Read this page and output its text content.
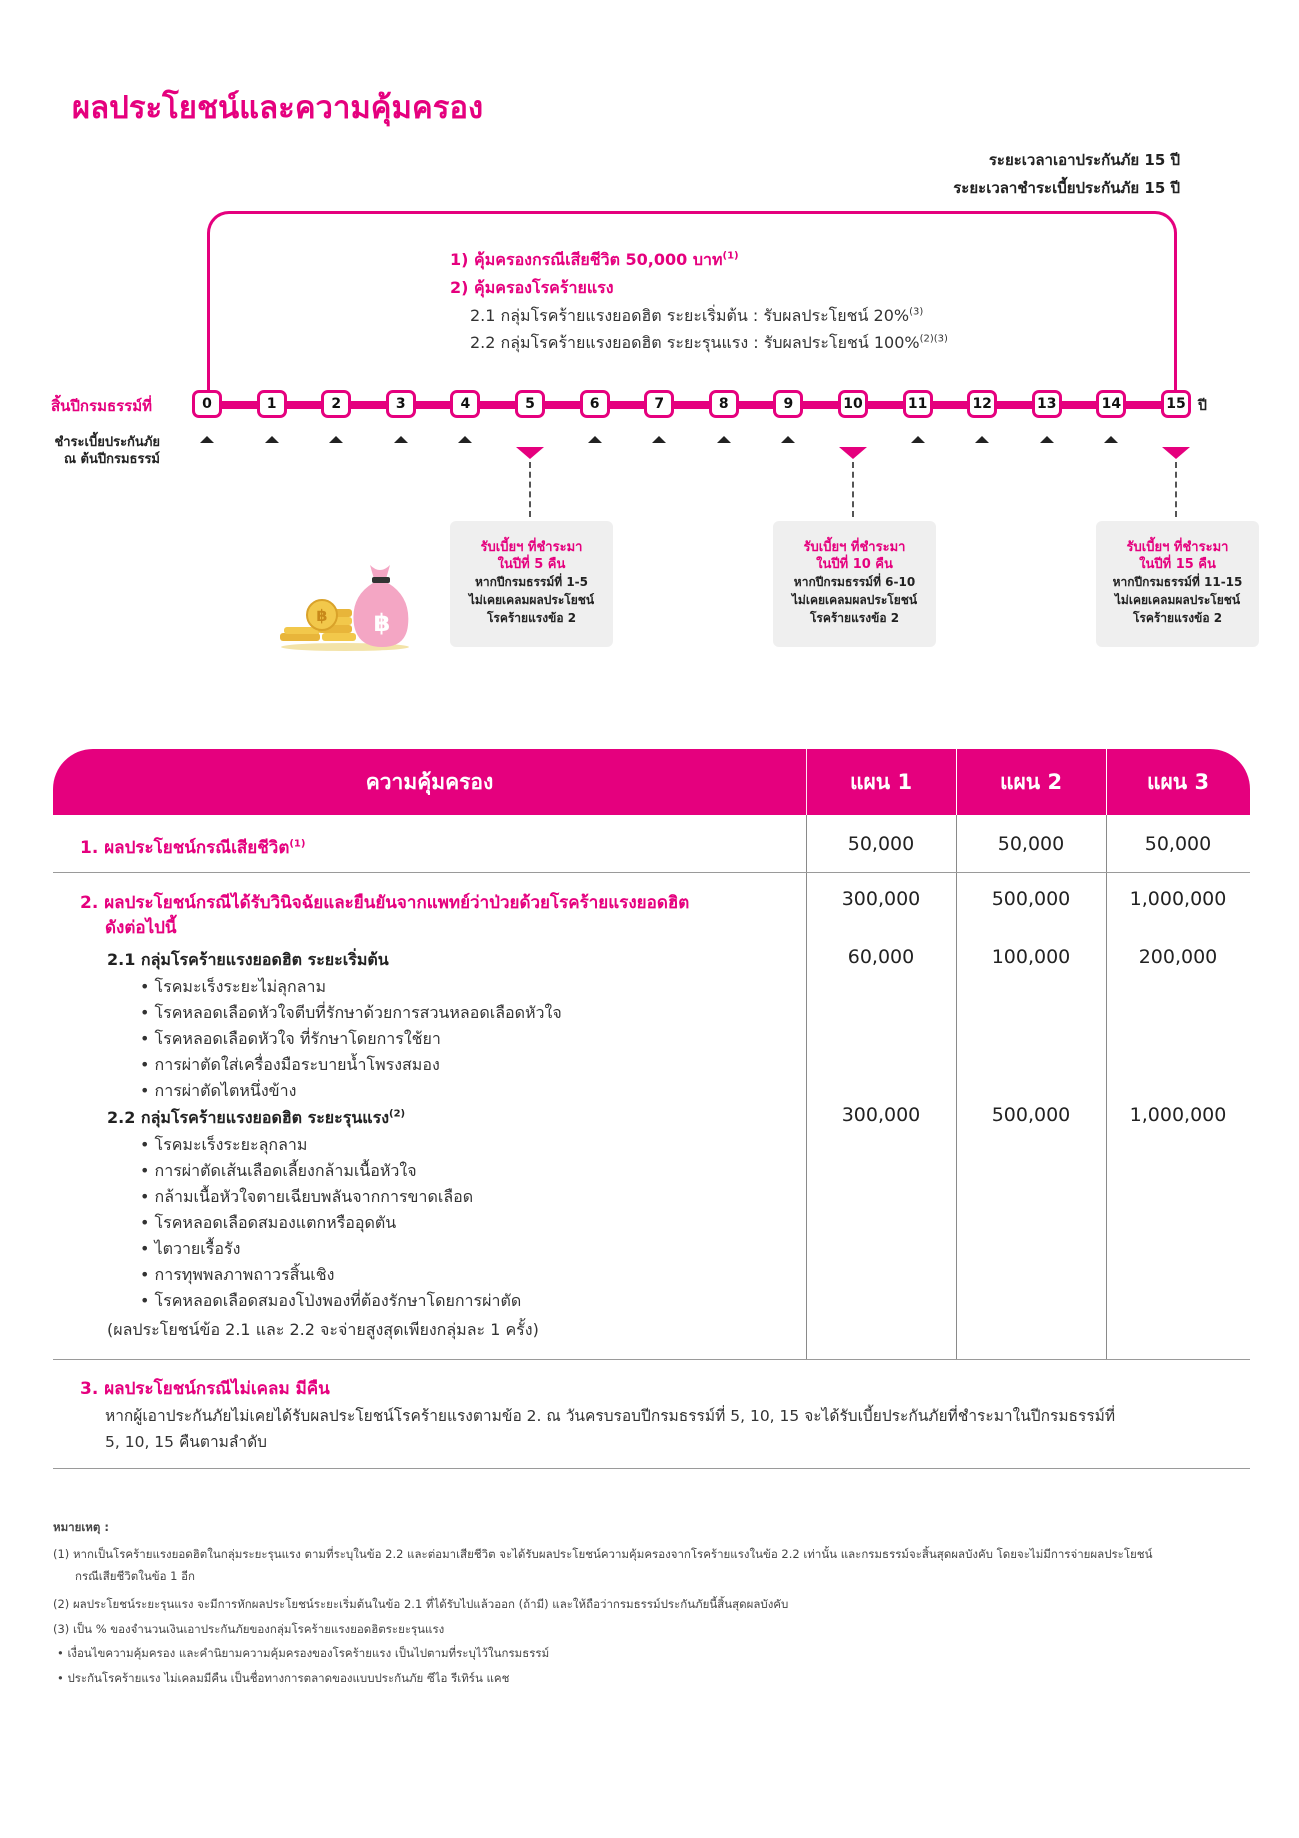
ผลประโยชน์และความคุ้มครอง
ระยะเวลาเอาประกันภัย 15 ปี
ระยะเวลาชำระเบี้ยประกันภัย 15 ปี
1) คุ้มครองกรณีเสียชีวิต 50,000 บาท$^{(1)}$
2) คุ้มครองโรคร้ายแรง
2.1 กลุ่มโรคร้ายแรงยอดฮิต ระยะเริ่มต้น : รับผลประโยชน์ 20%$^{(3)}$
2.2 กลุ่มโรคร้ายแรงยอดฮิต ระยะรุนแรง : รับผลประโยชน์ 100%$^{(2)(3)}$
สิ้นปีกรมธรรม์ที่	0	1	2	3	4	5	6	7	8	9	10	11	12	13	14	15 ปี
ชำระเบี้ยประกันภัย
ณ ต้นปีกรมธรรม์
รับเบี้ยฯ ที่ชำระมา
ในปีที่ 5 คืน
หากปีกรมธรรม์ที่ 1-5
ไม่เคยเคลมผลประโยชน์
โรคร้ายแรงข้อ 2
รับเบี้ยฯ ที่ชำระมา
ในปีที่ 10 คืน
หากปีกรมธรรม์ที่ 6-10
ไม่เคยเคลมผลประโยชน์
โรคร้ายแรงข้อ 2
รับเบี้ยฯ ที่ชำระมา
ในปีที่ 15 คืน
หากปีกรมธรรม์ที่ 11-15
ไม่เคยเคลมผลประโยชน์
โรคร้ายแรงข้อ 2
฿ ฿
ความคุ้มครอง	แผน 1	แผน 2	แผน 3
1. ผลประโยชน์กรณีเสียชีวิต$^{(1)}$	50,000	50,000	50,000
2. ผลประโยชน์กรณีได้รับวินิจฉัยและยืนยันจากแพทย์ว่าป่วยด้วยโรคร้ายแรงยอดฮิต
ดังต่อไปนี้
300,000	500,000	1,000,000
2.1 กลุ่มโรคร้ายแรงยอดฮิต ระยะเริ่มต้น	60,000	100,000	200,000
• โรคมะเร็งระยะไม่ลุกลาม
• โรคหลอดเลือดหัวใจตีบที่รักษาด้วยการสวนหลอดเลือดหัวใจ
• โรคหลอดเลือดหัวใจ ที่รักษาโดยการใช้ยา
• การผ่าตัดใส่เครื่องมือระบายน้ำโพรงสมอง
• การผ่าตัดไตหนึ่งข้าง
2.2 กลุ่มโรคร้ายแรงยอดฮิต ระยะรุนแรง$^{(2)}$	300,000	500,000	1,000,000
• โรคมะเร็งระยะลุกลาม
• การผ่าตัดเส้นเลือดเลี้ยงกล้ามเนื้อหัวใจ
• กล้ามเนื้อหัวใจตายเฉียบพลันจากการขาดเลือด
• โรคหลอดเลือดสมองแตกหรืออุดตัน
• ไตวายเรื้อรัง
• การทุพพลภาพถาวรสิ้นเชิง
• โรคหลอดเลือดสมองโป่งพองที่ต้องรักษาโดยการผ่าตัด
(ผลประโยชน์ข้อ 2.1 และ 2.2 จะจ่ายสูงสุดเพียงกลุ่มละ 1 ครั้ง)
3. ผลประโยชน์กรณีไม่เคลม มีคืน
หากผู้เอาประกันภัยไม่เคยได้รับผลประโยชน์โรคร้ายแรงตามข้อ 2. ณ วันครบรอบปีกรมธรรม์ที่ 5, 10, 15 จะได้รับเบี้ยประกันภัยที่ชำระมาในปีกรมธรรม์ที่
5, 10, 15 คืนตามลำดับ
หมายเหตุ :
(1) หากเป็นโรคร้ายแรงยอดฮิตในกลุ่มระยะรุนแรง ตามที่ระบุในข้อ 2.2 และต่อมาเสียชีวิต จะได้รับผลประโยชน์ความคุ้มครองจากโรคร้ายแรงในข้อ 2.2 เท่านั้น และกรมธรรม์จะสิ้นสุดผลบังคับ โดยจะไม่มีการจ่ายผลประโยชน์
กรณีเสียชีวิตในข้อ 1 อีก
(2) ผลประโยชน์ระยะรุนแรง จะมีการหักผลประโยชน์ระยะเริ่มต้นในข้อ 2.1 ที่ได้รับไปแล้วออก (ถ้ามี) และให้ถือว่ากรมธรรม์ประกันภัยนี้สิ้นสุดผลบังคับ
(3) เป็น % ของจำนวนเงินเอาประกันภัยของกลุ่มโรคร้ายแรงยอดฮิตระยะรุนแรง
• เงื่อนไขความคุ้มครอง และคำนิยามความคุ้มครองของโรคร้ายแรง เป็นไปตามที่ระบุไว้ในกรมธรรม์
• ประกันโรคร้ายแรง ไม่เคลมมีคืน เป็นชื่อทางการตลาดของแบบประกันภัย ซีไอ รีเทิร์น แคช
